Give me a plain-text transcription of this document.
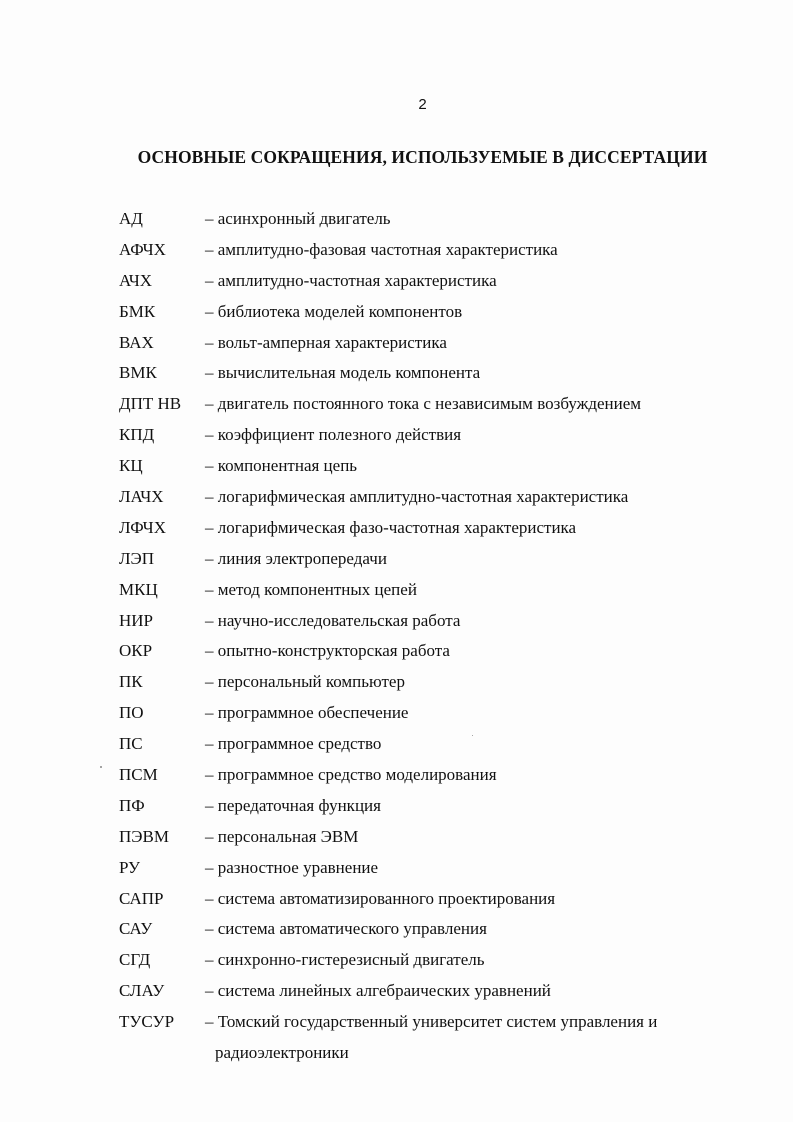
2
ОСНОВНЫЕ СОКРАЩЕНИЯ, ИСПОЛЬЗУЕМЫЕ В ДИССЕРТАЦИИ
АД	– асинхронный двигатель
АФЧХ – амплитудно-фазовая частотная характеристика
АЧХ	– амплитудно-частотная характеристика
БМК	– библиотека моделей компонентов
ВАХ	– вольт-амперная характеристика
ВМК	– вычислительная модель компонента
ДПТ НВ – двигатель постоянного тока с независимым возбуждением
КПД	– коэффициент полезного действия
КЦ	– компонентная цепь
ЛАЧХ – логарифмическая амплитудно-частотная характеристика
ЛФЧХ – логарифмическая фазо-частотная характеристика
ЛЭП	– линия электропередачи
МКЦ	– метод компонентных цепей
НИР	– научно-исследовательская работа
ОКР	– опытно-конструкторская работа
ПК	– персональный компьютер
ПО	– программное обеспечение
ПС	– программное средство
ПСМ	– программное средство моделирования
ПФ	– передаточная функция
ПЭВМ – персональная ЭВМ
РУ	– разностное уравнение
САПР – система автоматизированного проектирования
САУ	– система автоматического управления
СГД	– синхронно-гистерезисный двигатель
СЛАУ – система линейных алгебраических уравнений
ТУСУР – Томский государственный университет систем управления и
радиоэлектроники
